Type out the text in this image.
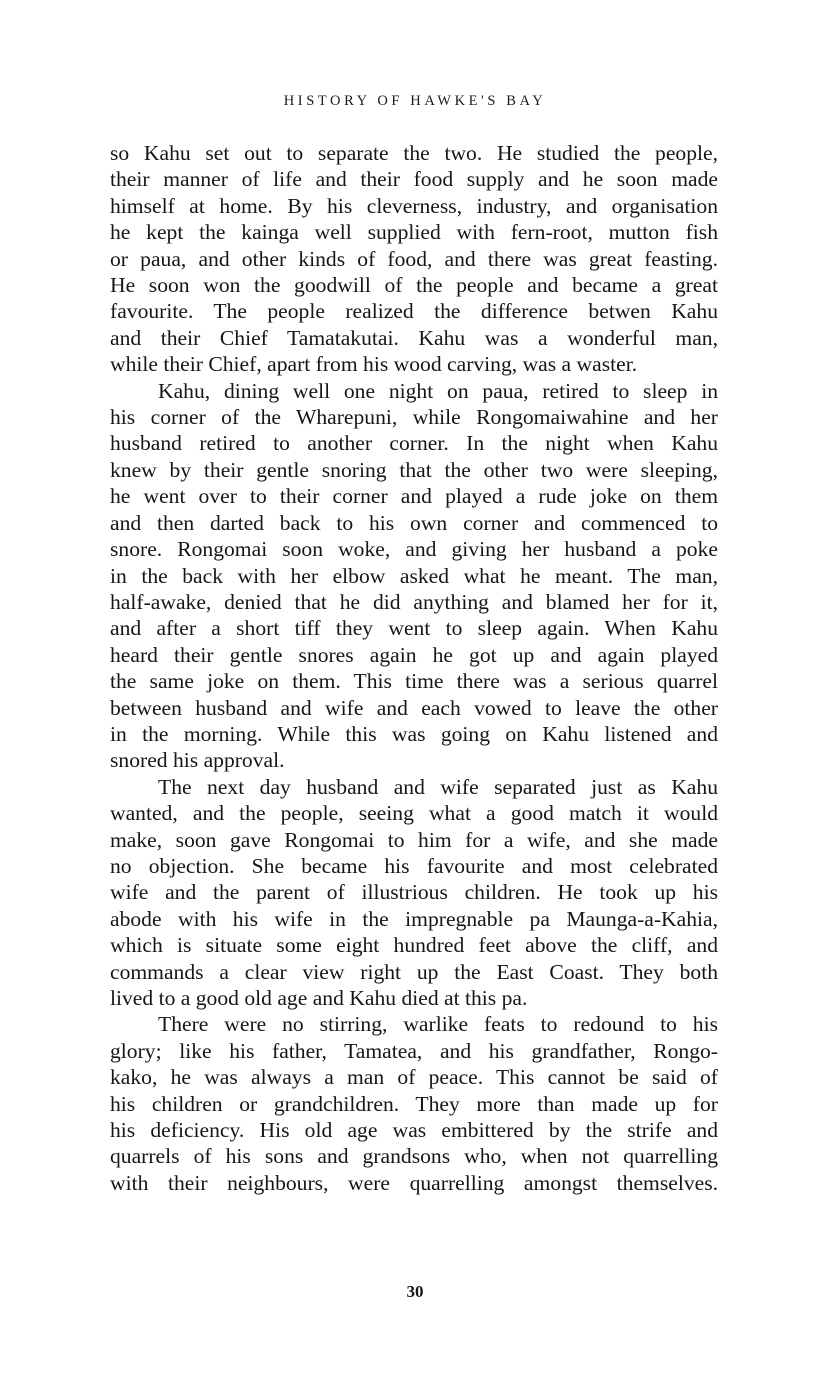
HISTORY OF HAWKE'S BAY
so Kahu set out to separate the two. He studied the people,
their manner of life and their food supply and he soon made
himself at home. By his cleverness, industry, and organisation
he kept the kainga well supplied with fern-root, mutton fish
or paua, and other kinds of food, and there was great feasting.
He soon won the goodwill of the people and became a great
favourite. The people realized the difference betwen Kahu
and their Chief Tamatakutai. Kahu was a wonderful man,
while their Chief, apart from his wood carving, was a waster.
Kahu, dining well one night on paua, retired to sleep in
his corner of the Wharepuni, while Rongomaiwahine and her
husband retired to another corner. In the night when Kahu
knew by their gentle snoring that the other two were sleeping,
he went over to their corner and played a rude joke on them
and then darted back to his own corner and commenced to
snore. Rongomai soon woke, and giving her husband a poke
in the back with her elbow asked what he meant. The man,
half-awake, denied that he did anything and blamed her for it,
and after a short tiff they went to sleep again. When Kahu
heard their gentle snores again he got up and again played
the same joke on them. This time there was a serious quarrel
between husband and wife and each vowed to leave the other
in the morning. While this was going on Kahu listened and
snored his approval.
The next day husband and wife separated just as Kahu
wanted, and the people, seeing what a good match it would
make, soon gave Rongomai to him for a wife, and she made
no objection. She became his favourite and most celebrated
wife and the parent of illustrious children. He took up his
abode with his wife in the impregnable pa Maunga-a-Kahia,
which is situate some eight hundred feet above the cliff, and
commands a clear view right up the East Coast. They both
lived to a good old age and Kahu died at this pa.
There were no stirring, warlike feats to redound to his
glory; like his father, Tamatea, and his grandfather, Rongo-
kako, he was always a man of peace. This cannot be said of
his children or grandchildren. They more than made up for
his deficiency. His old age was embittered by the strife and
quarrels of his sons and grandsons who, when not quarrelling
with their neighbours, were quarrelling amongst themselves.
30
